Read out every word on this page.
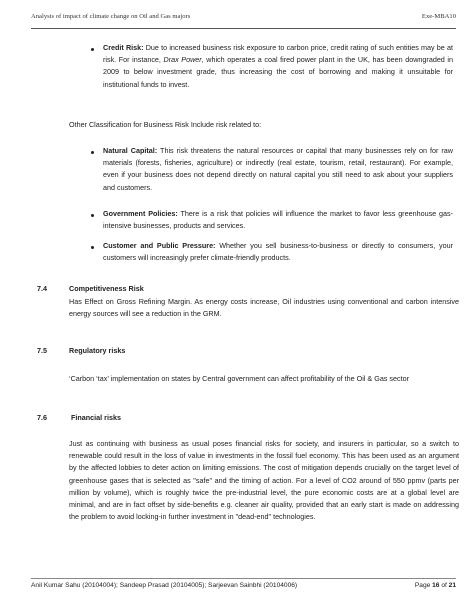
Analysis of impact of climate change on Oil and Gas majors	Exe-MBA10
Credit Risk: Due to increased business risk exposure to carbon price, credit rating of such entities may be at risk. For instance, Drax Power, which operates a coal fired power plant in the UK, has been downgraded in 2009 to below investment grade, thus increasing the cost of borrowing and making it unsuitable for institutional funds to invest.
Other Classification for Business Risk Include risk related to:
Natural Capital: This risk threatens the natural resources or capital that many businesses rely on for raw materials (forests, fisheries, agriculture) or indirectly (real estate, tourism, retail, restaurant). For example, even if your business does not depend directly on natural capital you still need to ask about your suppliers and customers.
Government Policies: There is a risk that policies will influence the market to favor less greenhouse gas-intensive businesses, products and services.
Customer and Public Pressure: Whether you sell business-to-business or directly to consumers, your customers will increasingly prefer climate-friendly products.
7.4	Competitiveness Risk
Has Effect on Gross Refining Margin. As energy costs increase, Oil industries using conventional and carbon intensive energy sources will see a reduction in the GRM.
7.5	Regulatory risks
‘Carbon ‘tax’ implementation on states by Central government can affect profitability of the Oil & Gas sector
7.6	Financial risks
Just as continuing with business as usual poses financial risks for society, and insurers in particular, so a switch to renewable could result in the loss of value in investments in the fossil fuel economy. This has been used as an argument by the affected lobbies to deter action on limiting emissions. The cost of mitigation depends crucially on the target level of greenhouse gases that is selected as "safe" and the timing of action. For a level of CO2 around of 550 ppmv (parts per million by volume), which is roughly twice the pre-industrial level, the pure economic costs are at a global level are minimal, and are in fact offset by side-benefits e.g. cleaner air quality, provided that an early start is made on addressing the problem to avoid locking-in further investment in "dead-end" technologies.
Anil Kumar Sahu (20104004); Sandeep Prasad (20104005); Sarjeevan Sainbhi (20104006)	Page 16 of 21
